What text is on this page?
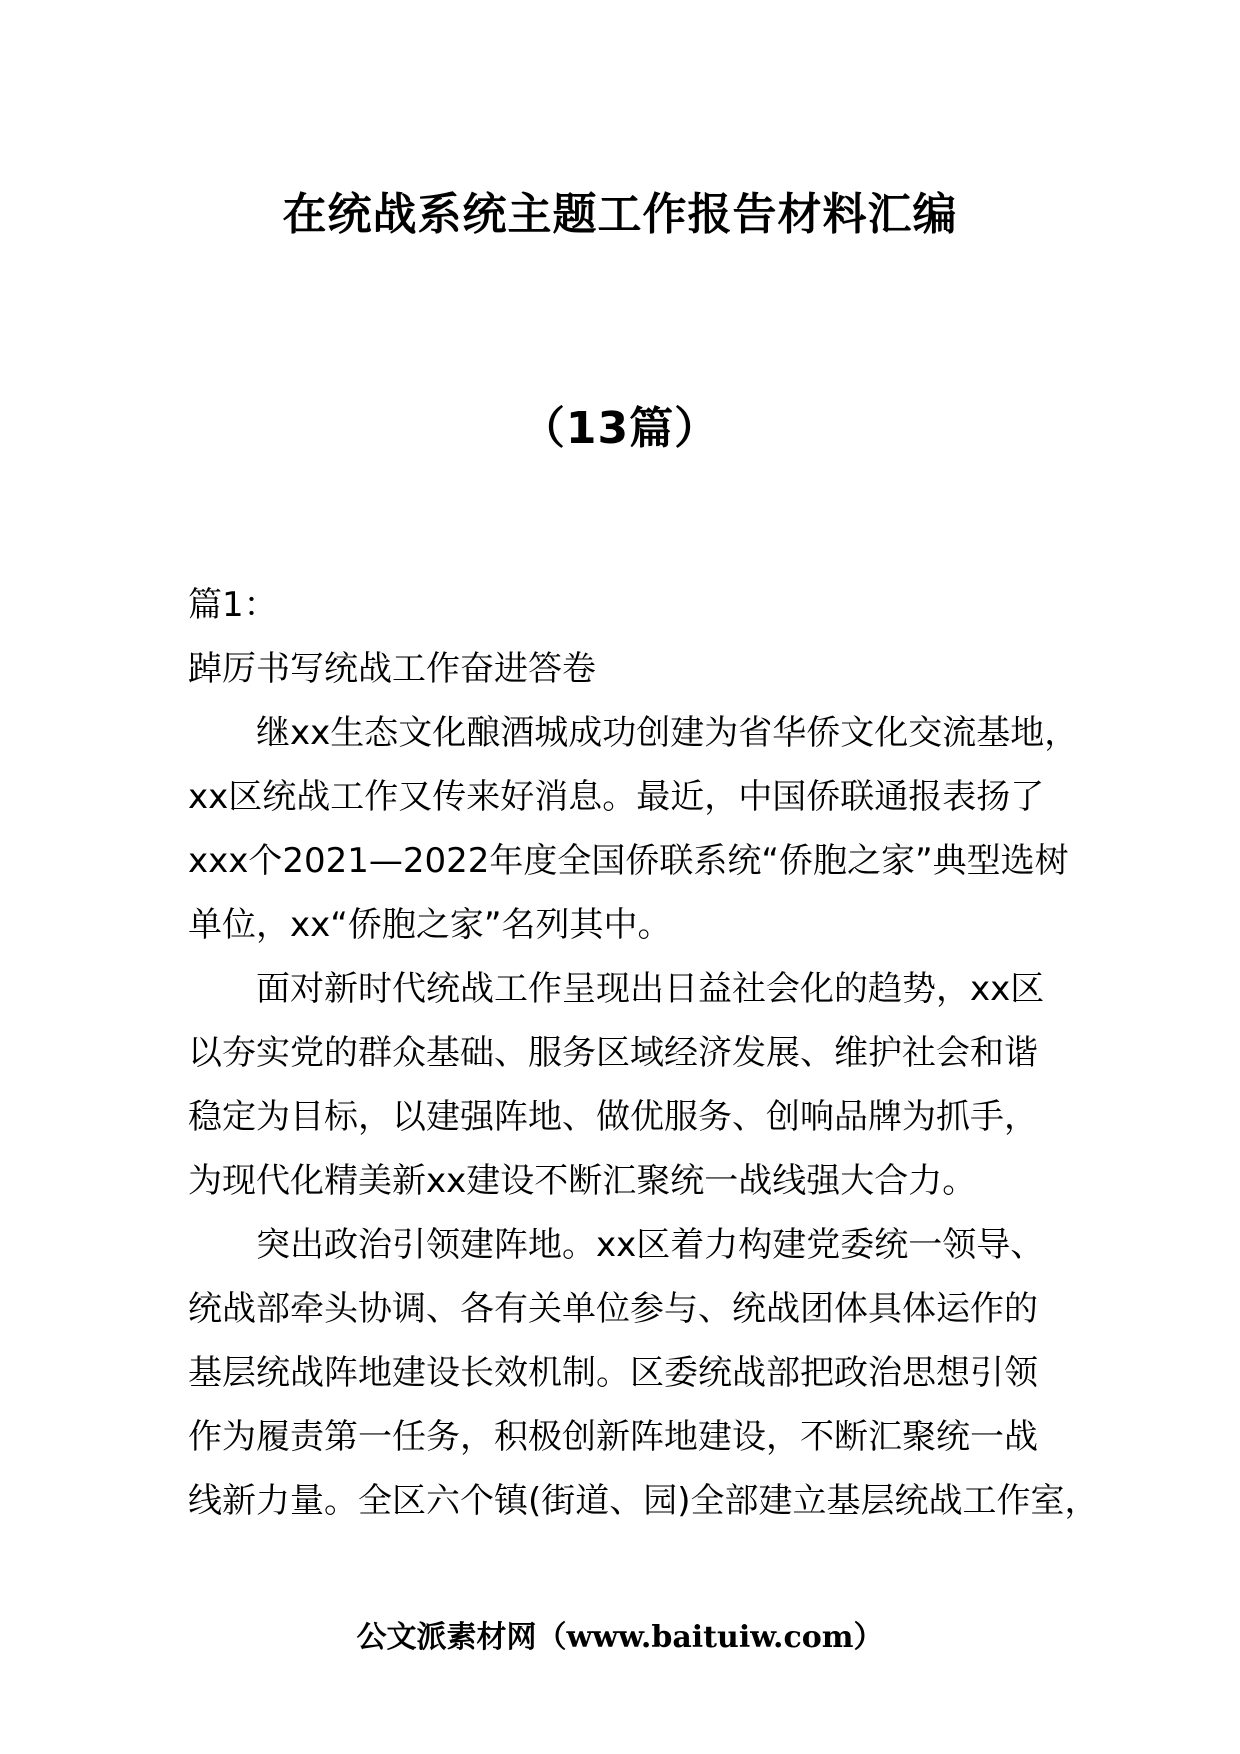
在统战系统主题工作报告材料汇编
（13篇）
篇1：
踔厉书写统战工作奋进答卷
继xx生态文化酿酒城成功创建为省华侨文化交流基地，
xx区统战工作又传来好消息。最近，中国侨联通报表扬了
xxx个2021—2022年度全国侨联系统“侨胞之家”典型选树
单位，xx“侨胞之家”名列其中。
面对新时代统战工作呈现出日益社会化的趋势，xx区
以夯实党的群众基础、服务区域经济发展、维护社会和谐
稳定为目标，以建强阵地、做优服务、创响品牌为抓手，
为现代化精美新xx建设不断汇聚统一战线强大合力。
突出政治引领建阵地。xx区着力构建党委统一领导、
统战部牵头协调、各有关单位参与、统战团体具体运作的
基层统战阵地建设长效机制。区委统战部把政治思想引领
作为履责第一任务，积极创新阵地建设，不断汇聚统一战
线新力量。全区六个镇(街道、园)全部建立基层统战工作室，
公文派素材网（www.baituiw.com）
